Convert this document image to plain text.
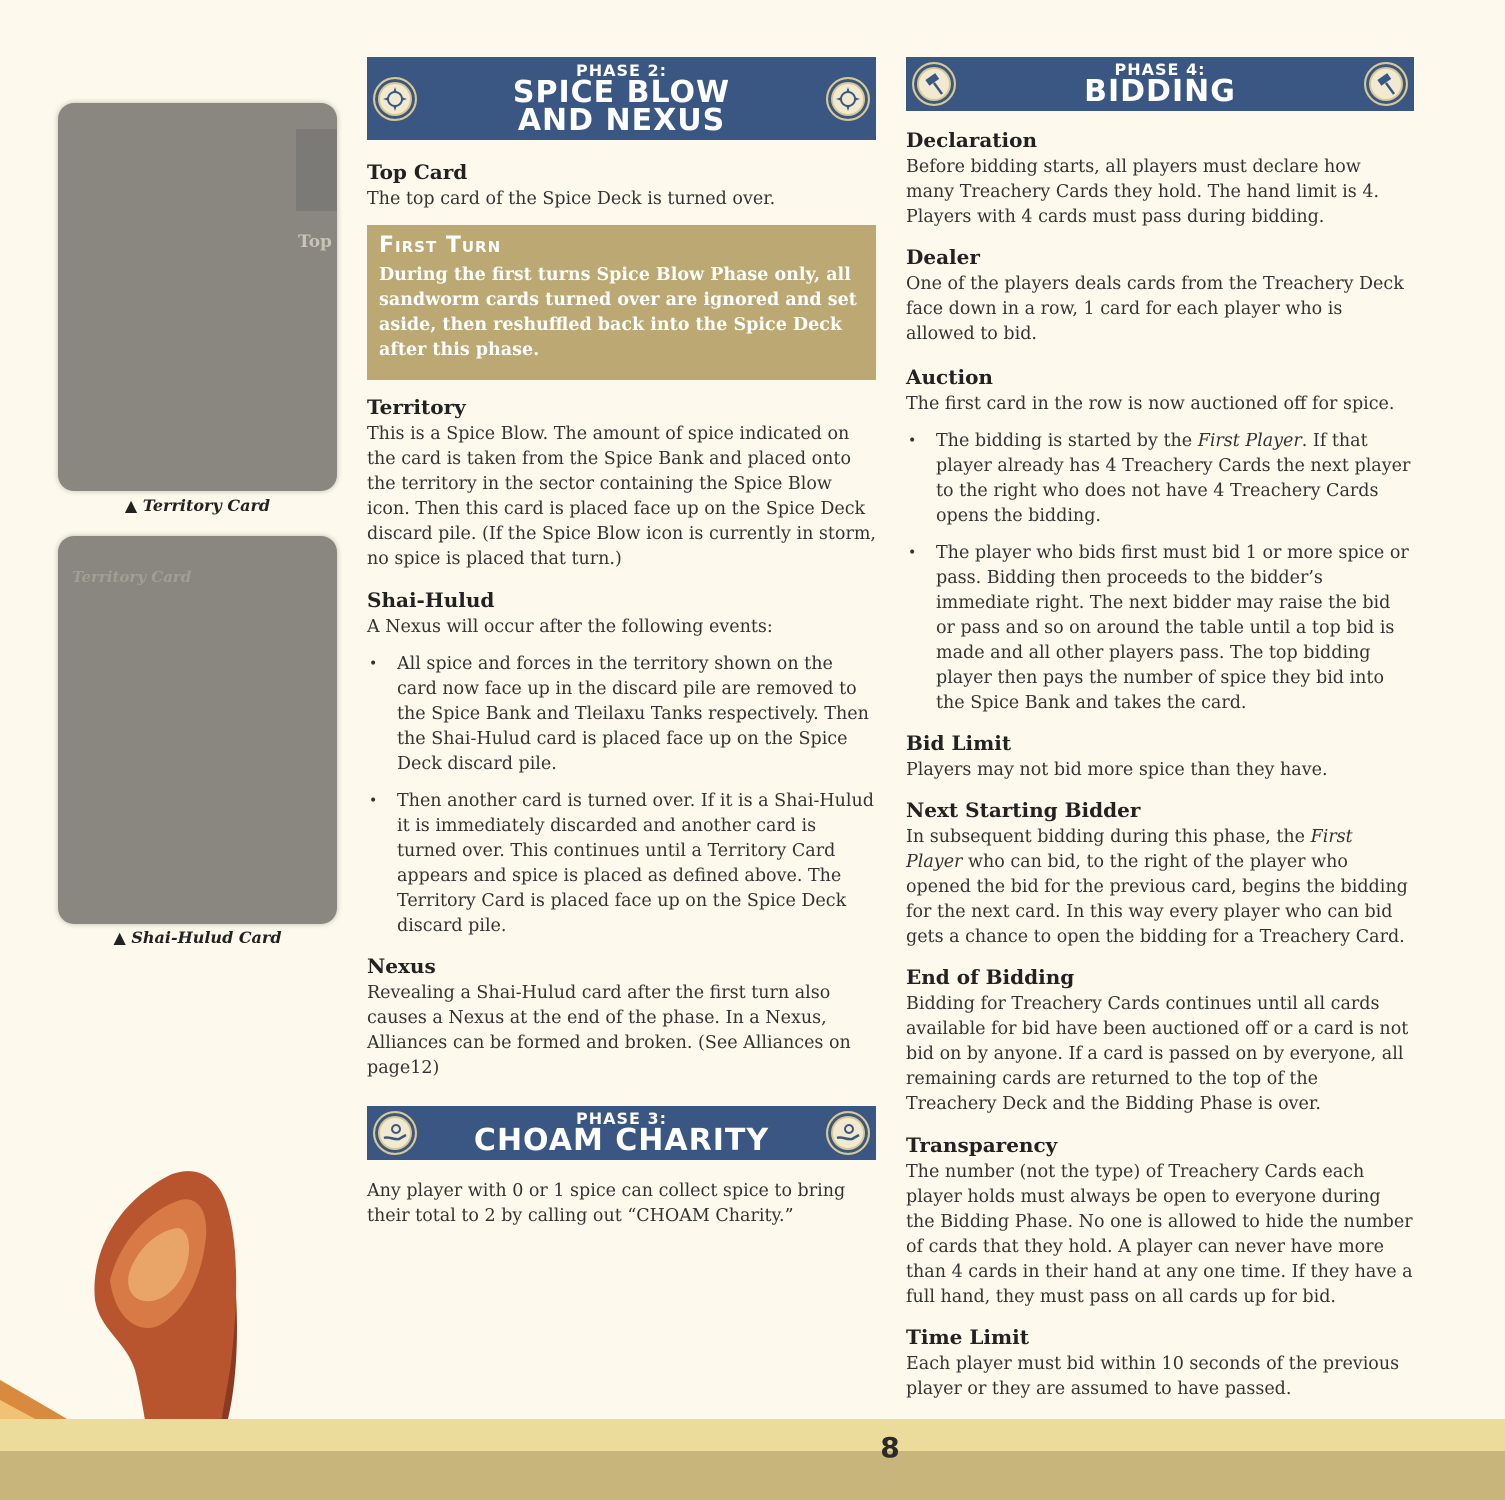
Top
▲ Territory Card
Territory Card
▲ Shai-Hulud Card
PHASE 2:
SPICE BLOW
AND NEXUS
Top Card
The top card of the Spice Deck is turned over.
First Turn
During the first turns Spice Blow Phase only, all sandworm cards turned over are ignored and set aside, then reshuffled back into the Spice Deck after this phase.
Territory
This is a Spice Blow. The amount of spice indicated on the card is taken from the Spice Bank and placed onto the territory in the sector containing the Spice Blow icon. Then this card is placed face up on the Spice Deck discard pile. (If the Spice Blow icon is currently in storm, no spice is placed that turn.)
Shai-Hulud
A Nexus will occur after the following events:
• All spice and forces in the territory shown on the card now face up in the discard pile are removed to the Spice Bank and Tleilaxu Tanks respectively. Then the Shai-Hulud card is placed face up on the Spice Deck discard pile.
• Then another card is turned over. If it is a Shai-Hulud it is immediately discarded and another card is turned over. This continues until a Territory Card appears and spice is placed as defined above. The Territory Card is placed face up on the Spice Deck discard pile.
Nexus
Revealing a Shai-Hulud card after the first turn also causes a Nexus at the end of the phase. In a Nexus, Alliances can be formed and broken. (See Alliances on page12)
PHASE 3:
CHOAM CHARITY
Any player with 0 or 1 spice can collect spice to bring their total to 2 by calling out “CHOAM Charity.”
PHASE 4:
BIDDING
Declaration
Before bidding starts, all players must declare how many Treachery Cards they hold. The hand limit is 4. Players with 4 cards must pass during bidding.
Dealer
One of the players deals cards from the Treachery Deck face down in a row, 1 card for each player who is allowed to bid.
Auction
The first card in the row is now auctioned off for spice.
• The bidding is started by the First Player. If that player already has 4 Treachery Cards the next player to the right who does not have 4 Treachery Cards opens the bidding.
• The player who bids first must bid 1 or more spice or pass. Bidding then proceeds to the bidder’s immediate right. The next bidder may raise the bid or pass and so on around the table until a top bid is made and all other players pass. The top bidding player then pays the number of spice they bid into the Spice Bank and takes the card.
Bid Limit
Players may not bid more spice than they have.
Next Starting Bidder
In subsequent bidding during this phase, the First Player who can bid, to the right of the player who opened the bid for the previous card, begins the bidding for the next card. In this way every player who can bid gets a chance to open the bidding for a Treachery Card.
End of Bidding
Bidding for Treachery Cards continues until all cards available for bid have been auctioned off or a card is not bid on by anyone. If a card is passed on by everyone, all remaining cards are returned to the top of the Treachery Deck and the Bidding Phase is over.
Transparency
The number (not the type) of Treachery Cards each player holds must always be open to everyone during the Bidding Phase. No one is allowed to hide the number of cards that they hold. A player can never have more than 4 cards in their hand at any one time. If they have a full hand, they must pass on all cards up for bid.
Time Limit
Each player must bid within 10 seconds of the previous player or they are assumed to have passed.
8
